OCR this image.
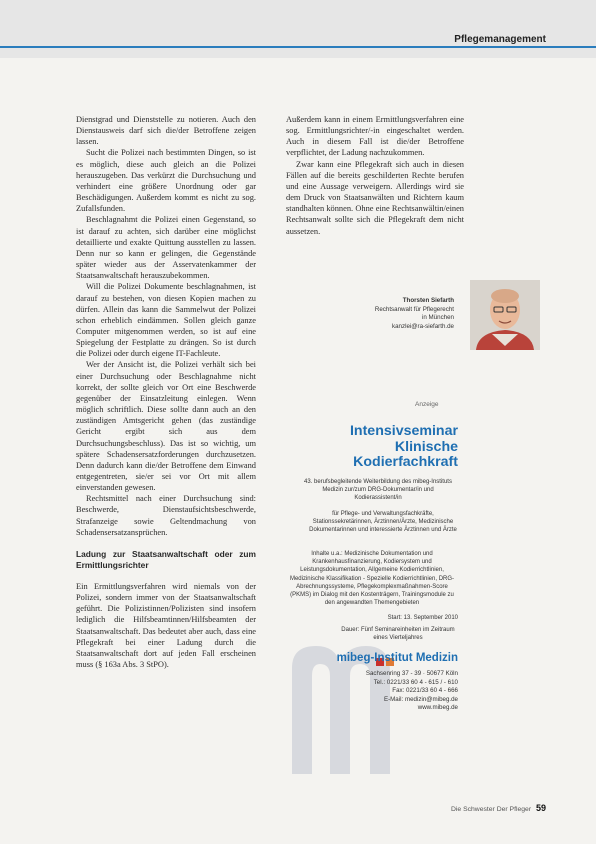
Pflegemanagement

Dienstgrad und Dienststelle zu notieren. Auch den Dienstausweis darf sich die/der Betroffene zeigen lassen.

Sucht die Polizei nach bestimmten Dingen, so ist es möglich, diese auch gleich an die Polizei herauszugeben. Das verkürzt die Durchsuchung und verhindert eine größere Unordnung oder gar Beschädigungen. Außerdem kommt es nicht zu sog. Zufallsfunden.

Beschlagnahmt die Polizei einen Gegenstand, so ist darauf zu achten, sich darüber eine möglichst detaillierte und exakte Quittung ausstellen zu lassen. Denn nur so kann er gelingen, die Gegenstände später wieder aus der Asservatenkammer der Staatsanwaltschaft herauszubekommen.

Will die Polizei Dokumente beschlagnahmen, ist darauf zu bestehen, von diesen Kopien machen zu dürfen. Allein das kann die Sammelwut der Polizei schon erheblich eindämmen. Sollen gleich ganze Computer mitgenommen werden, so ist auf eine Spiegelung der Festplatte zu drängen. So ist durch die Polizei oder durch eigene IT-Fachleute.

Wer der Ansicht ist, die Polizei verhält sich bei einer Durchsuchung oder Beschlagnahme nicht korrekt, der sollte gleich vor Ort eine Beschwerde gegenüber der Einsatzleitung einlegen. Wenn möglich schriftlich. Diese sollte dann auch an den zuständigen Amtsgericht gehen (das zuständige Gericht ergibt sich aus dem Durchsuchungsbeschluss). Das ist so wichtig, um spätere Schadensersatzforderungen durchzusetzen. Denn dadurch kann die/der Betroffene dem Einwand entgegentreten, sie/er sei vor Ort mit allem einverstanden gewesen.

Rechtsmittel nach einer Durchsuchung sind: Beschwerde, Dienstaufsichtsbeschwerde, Strafanzeige sowie Geltendmachung von Schadensersatzansprüchen.

Ladung zur Staatsanwaltschaft oder zum Ermittlungsrichter

Ein Ermittlungsverfahren wird niemals von der Polizei, sondern immer von der Staatsanwaltschaft geführt. Die Polizistinnen/Polizisten sind insofern lediglich die Hilfsbeamtinnen/Hilfsbeamten der Staatsanwaltschaft. Das bedeutet aber auch, dass eine Pflegekraft bei einer Ladung durch die Staatsanwaltschaft dort auf jeden Fall erscheinen muss (§ 163a Abs. 3 StPO).

Außerdem kann in einem Ermittlungsverfahren eine sog. Ermittlungsrichter/-in eingeschaltet werden. Auch in diesem Fall ist die/der Betroffene verpflichtet, der Ladung nachzukommen.

Zwar kann eine Pflegekraft sich auch in diesen Fällen auf die bereits geschilderten Rechte berufen und eine Aussage verweigern. Allerdings wird sie dem Druck von Staatsanwälten und Richtern kaum standhalten können. Ohne eine Rechtsanwältin/einen Rechtsanwalt sollte sich die Pflegekraft dem nicht aussetzen.

Thorsten Siefarth
Rechtsanwalt für Pflegerecht
in München
kanzlei@ra-siefarth.de
Anzeige
Intensivseminar
Klinische
Kodierfachkraft
43. berufsbegleitende Weiterbildung des mibeg-Instituts Medizin zur/zum DRG-Dokumentar/in und Kodierassistent/in
für Pflege- und Verwaltungsfachkräfte, Stationssekretärinnen, Ärztinnen/Ärzte, Medizinische Dokumentarinnen und interessierte Ärztinnen und Ärzte
Inhalte u.a.: Medizinische Dokumentation und Krankenhausfinanzierung, Kodiersystem und Leistungsdokumentation, Allgemeine Kodierrichtlinien, Medizinische Klassifikation - Spezielle Kodierrichtlinien, DRG-Abrechnungssysteme, Pflegekomplexmaßnahmen-Score (PKMS) im Dialog mit den Kostenträgern, Trainingsmodule zu den angewandten Themengebieten
Start: 13. September 2010
Dauer: Fünf Seminareinheiten im Zeitraum eines Vierteljahres
mibeg-Institut Medizin
Sachsenring 37 - 39 · 50677 Köln
Tel.: 0221/33 60 4 - 615 / - 610
Fax: 0221/33 60 4 - 666
E-Mail: medizin@mibeg.de
www.mibeg.de
Die Schwester Der Pfleger 59
